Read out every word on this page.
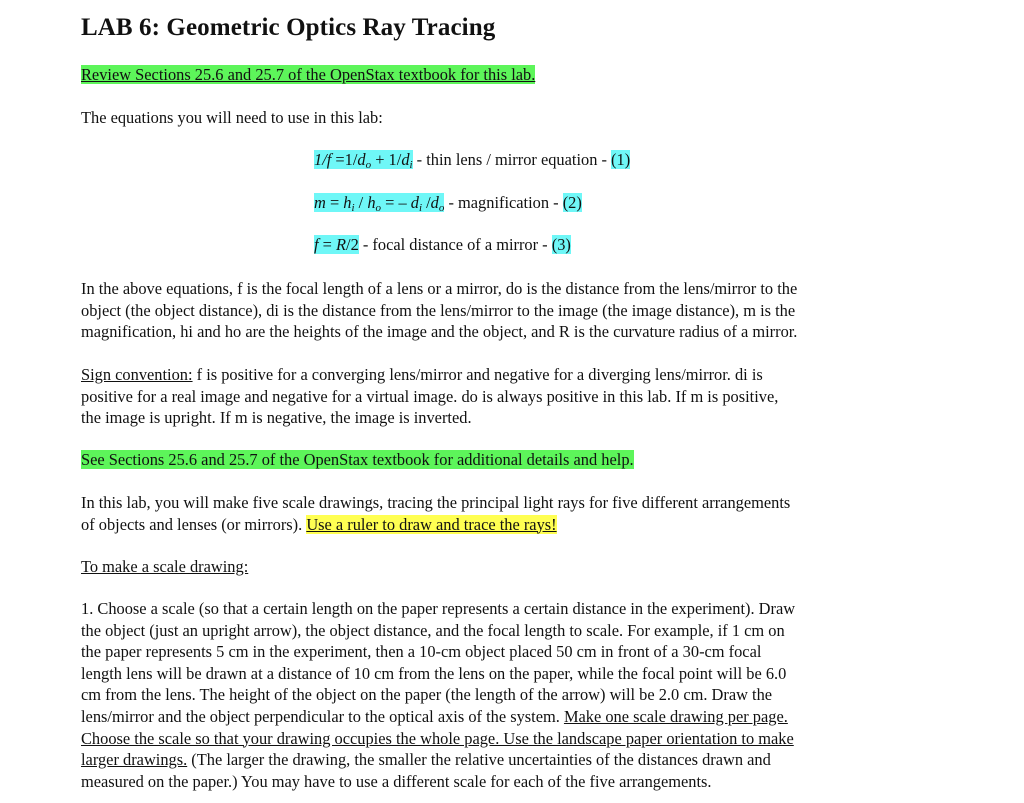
LAB 6: Geometric Optics Ray Tracing
Review Sections 25.6 and 25.7 of the OpenStax textbook for this lab.
The equations you will need to use in this lab:
$1/f =1/d_o + 1/d_i$ - thin lens / mirror equation - (1)
$m = h_i / h_o$ = – $d_i$ $/d_o$ - magnification - (2)
f = R/2 - focal distance of a mirror - (3)
In the above equations, f is the focal length of a lens or a mirror, do is the distance from the lens/mirror to the
object (the object distance), di is the distance from the lens/mirror to the image (the image distance), m is the
magnification, hi and ho are the heights of the image and the object, and R is the curvature radius of a mirror.
Sign convention: f is positive for a converging lens/mirror and negative for a diverging lens/mirror. di is
positive for a real image and negative for a virtual image. do is always positive in this lab. If m is positive,
the image is upright. If m is negative, the image is inverted.
See Sections 25.6 and 25.7 of the OpenStax textbook for additional details and help.
In this lab, you will make five scale drawings, tracing the principal light rays for five different arrangements
of objects and lenses (or mirrors). Use a ruler to draw and trace the rays!
To make a scale drawing:
1. Choose a scale (so that a certain length on the paper represents a certain distance in the experiment). Draw
the object (just an upright arrow), the object distance, and the focal length to scale. For example, if 1 cm on
the paper represents 5 cm in the experiment, then a 10-cm object placed 50 cm in front of a 30-cm focal
length lens will be drawn at a distance of 10 cm from the lens on the paper, while the focal point will be 6.0
cm from the lens. The height of the object on the paper (the length of the arrow) will be 2.0 cm. Draw the
lens/mirror and the object perpendicular to the optical axis of the system. Make one scale drawing per page.
Choose the scale so that your drawing occupies the whole page. Use the landscape paper orientation to make
larger drawings. (The larger the drawing, the smaller the relative uncertainties of the distances drawn and
measured on the paper.) You may have to use a different scale for each of the five arrangements.
